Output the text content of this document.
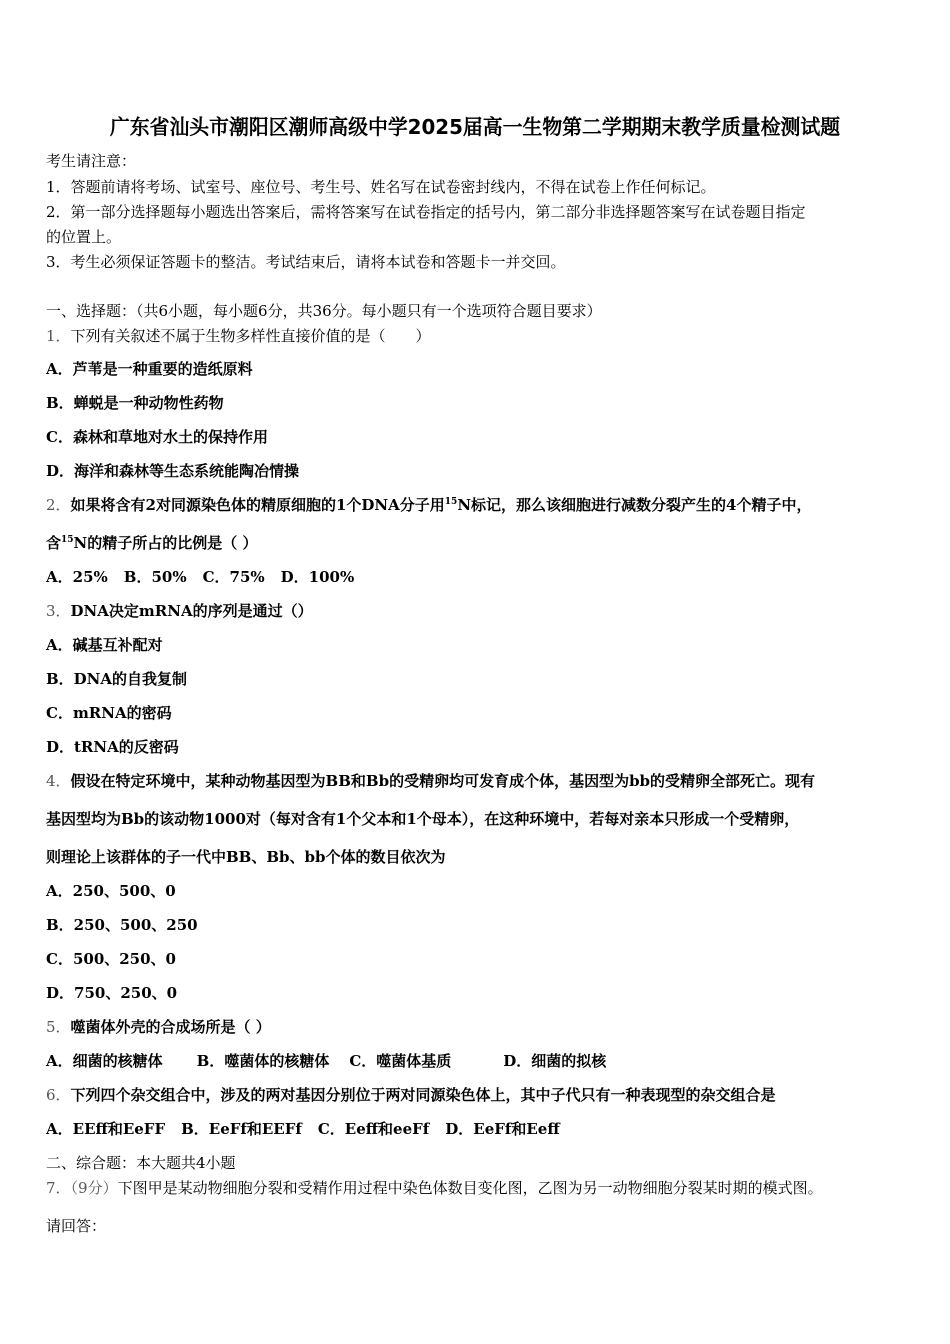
广东省汕头市潮阳区潮师高级中学2025届高一生物第二学期期末教学质量检测试题
考生请注意：
1．答题前请将考场、试室号、座位号、考生号、姓名写在试卷密封线内，不得在试卷上作任何标记。
2．第一部分选择题每小题选出答案后，需将答案写在试卷指定的括号内，第二部分非选择题答案写在试卷题目指定
的位置上。
3．考生必须保证答题卡的整洁。考试结束后，请将本试卷和答题卡一并交回。
一、选择题：（共6小题，每小题6分，共36分。每小题只有一个选项符合题目要求）
1．下列有关叙述不属于生物多样性直接价值的是（　　）
A．芦苇是一种重要的造纸原料
B．蝉蜕是一种动物性药物
C．森林和草地对水土的保持作用
D．海洋和森林等生态系统能陶冶情操
2．如果将含有2对同源染色体的精原细胞的1个DNA分子用$^{15}$N标记，那么该细胞进行减数分裂产生的4个精子中，
含$^{15}$N的精子所占的比例是（ ）
A．25% B．50% C．75% D．100%
3．DNA决定mRNA的序列是通过（）
A．碱基互补配对
B．DNA的自我复制
C．mRNA的密码
D．tRNA的反密码
4．假设在特定环境中，某种动物基因型为BB和Bb的受精卵均可发育成个体，基因型为bb的受精卵全部死亡。现有
基因型均为Bb的该动物1000对（每对含有1个父本和1个母本），在这种环境中，若每对亲本只形成一个受精卵，
则理论上该群体的子一代中BB、Bb、bb个体的数目依次为
A．250、500、0
B．250、500、250
C．500、250、0
D．750、250、0
5．噬菌体外壳的合成场所是（ ）
A．细菌的核糖体 B．噬菌体的核糖体 C．噬菌体基质	D．细菌的拟核
6．下列四个杂交组合中，涉及的两对基因分别位于两对同源染色体上，其中子代只有一种表现型的杂交组合是
A．EEff和EeFF B．EeFf和EEFf C．Eeff和eeFf D．EeFf和Eeff
二、综合题：本大题共4小题
7．（9分）下图甲是某动物细胞分裂和受精作用过程中染色体数目变化图，乙图为另一动物细胞分裂某时期的模式图。
请回答：
